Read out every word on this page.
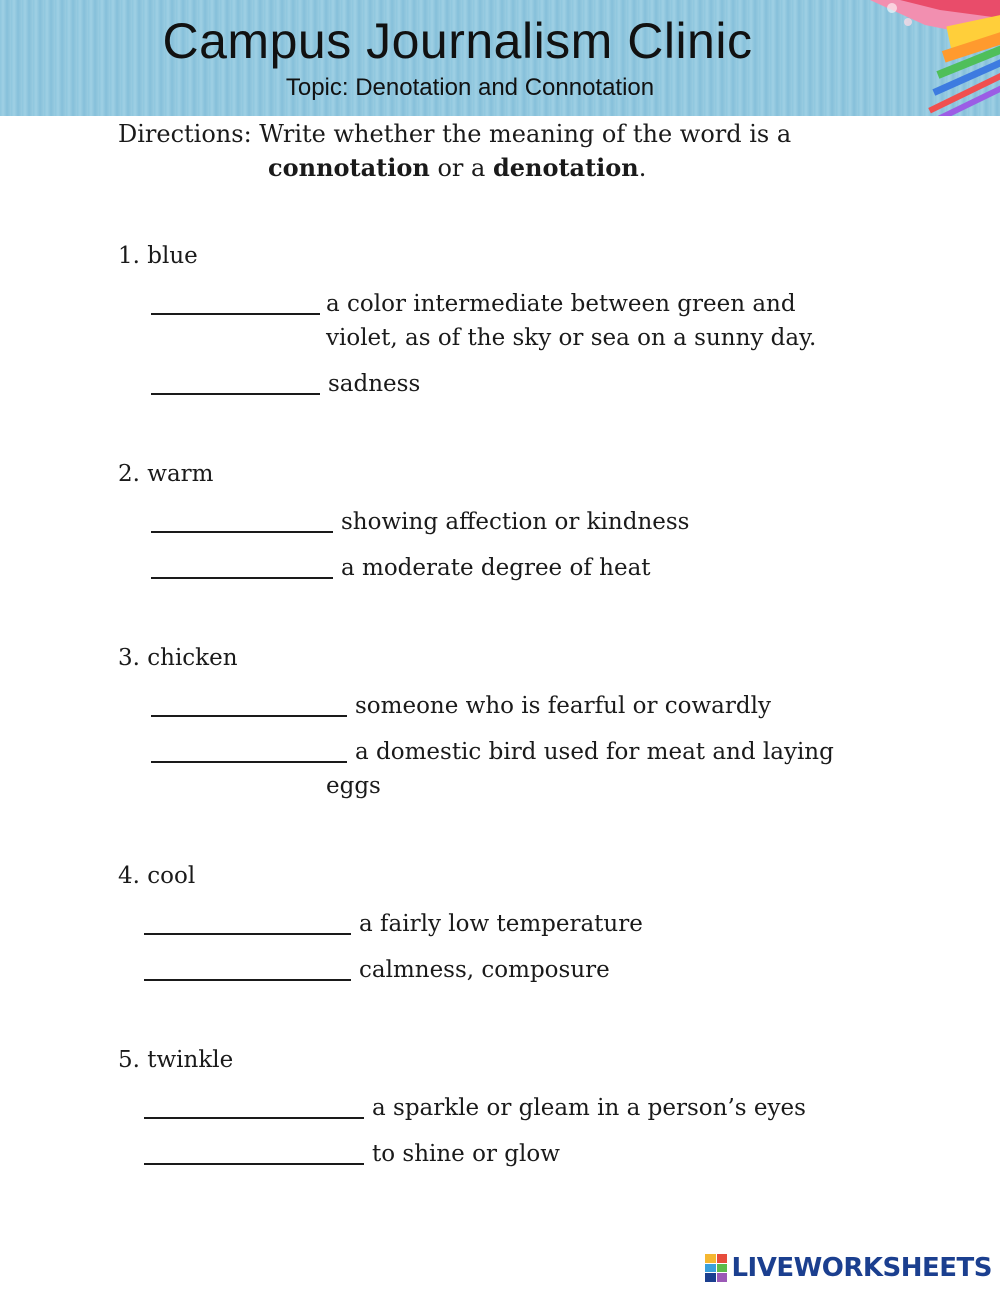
Campus Journalism Clinic
Topic: Denotation and Connotation
Directions: Write whether the meaning of the word is a
connotation or a denotation.
1. blue
a color intermediate between green and
violet, as of the sky or sea on a sunny day.
sadness
2. warm
showing affection or kindness
a moderate degree of heat
3. chicken
someone who is fearful or cowardly
a domestic bird used for meat and laying
eggs
4. cool
a fairly low temperature
calmness, composure
5. twinkle
a sparkle or gleam in a person’s eyes
to shine or glow
LIVEWORKSHEETS
